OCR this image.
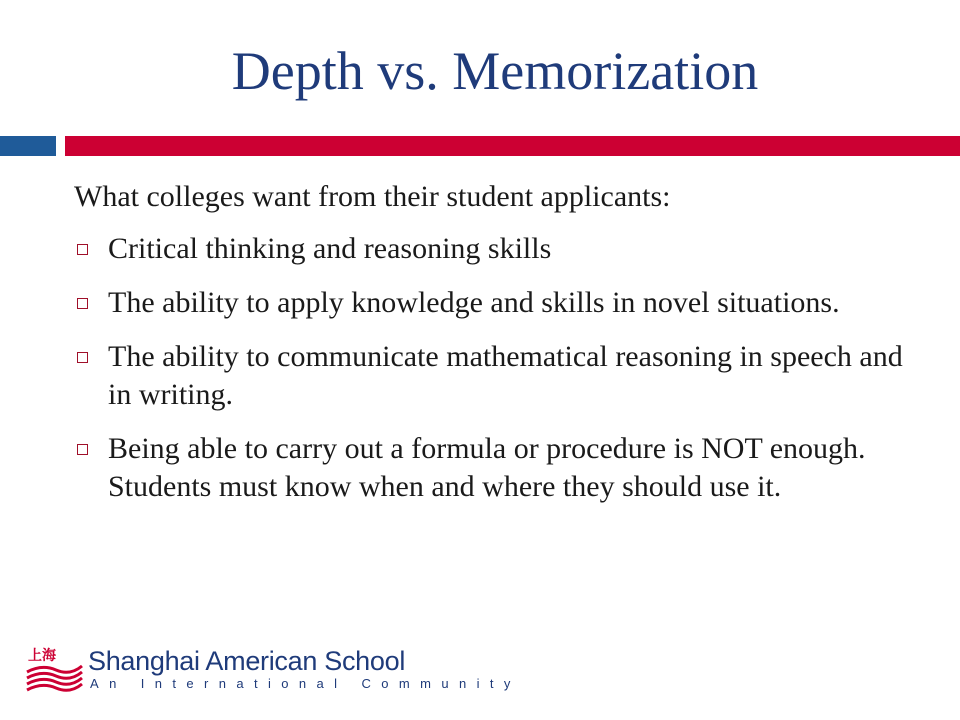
Depth vs. Memorization
What colleges want from their student applicants:
Critical thinking and reasoning skills
The ability to apply knowledge and skills in novel situations.
The ability to communicate mathematical reasoning in speech and in writing.
Being able to carry out a formula or procedure is NOT enough. Students must know when and where they should use it.
上海 Shanghai American School
An International Community
